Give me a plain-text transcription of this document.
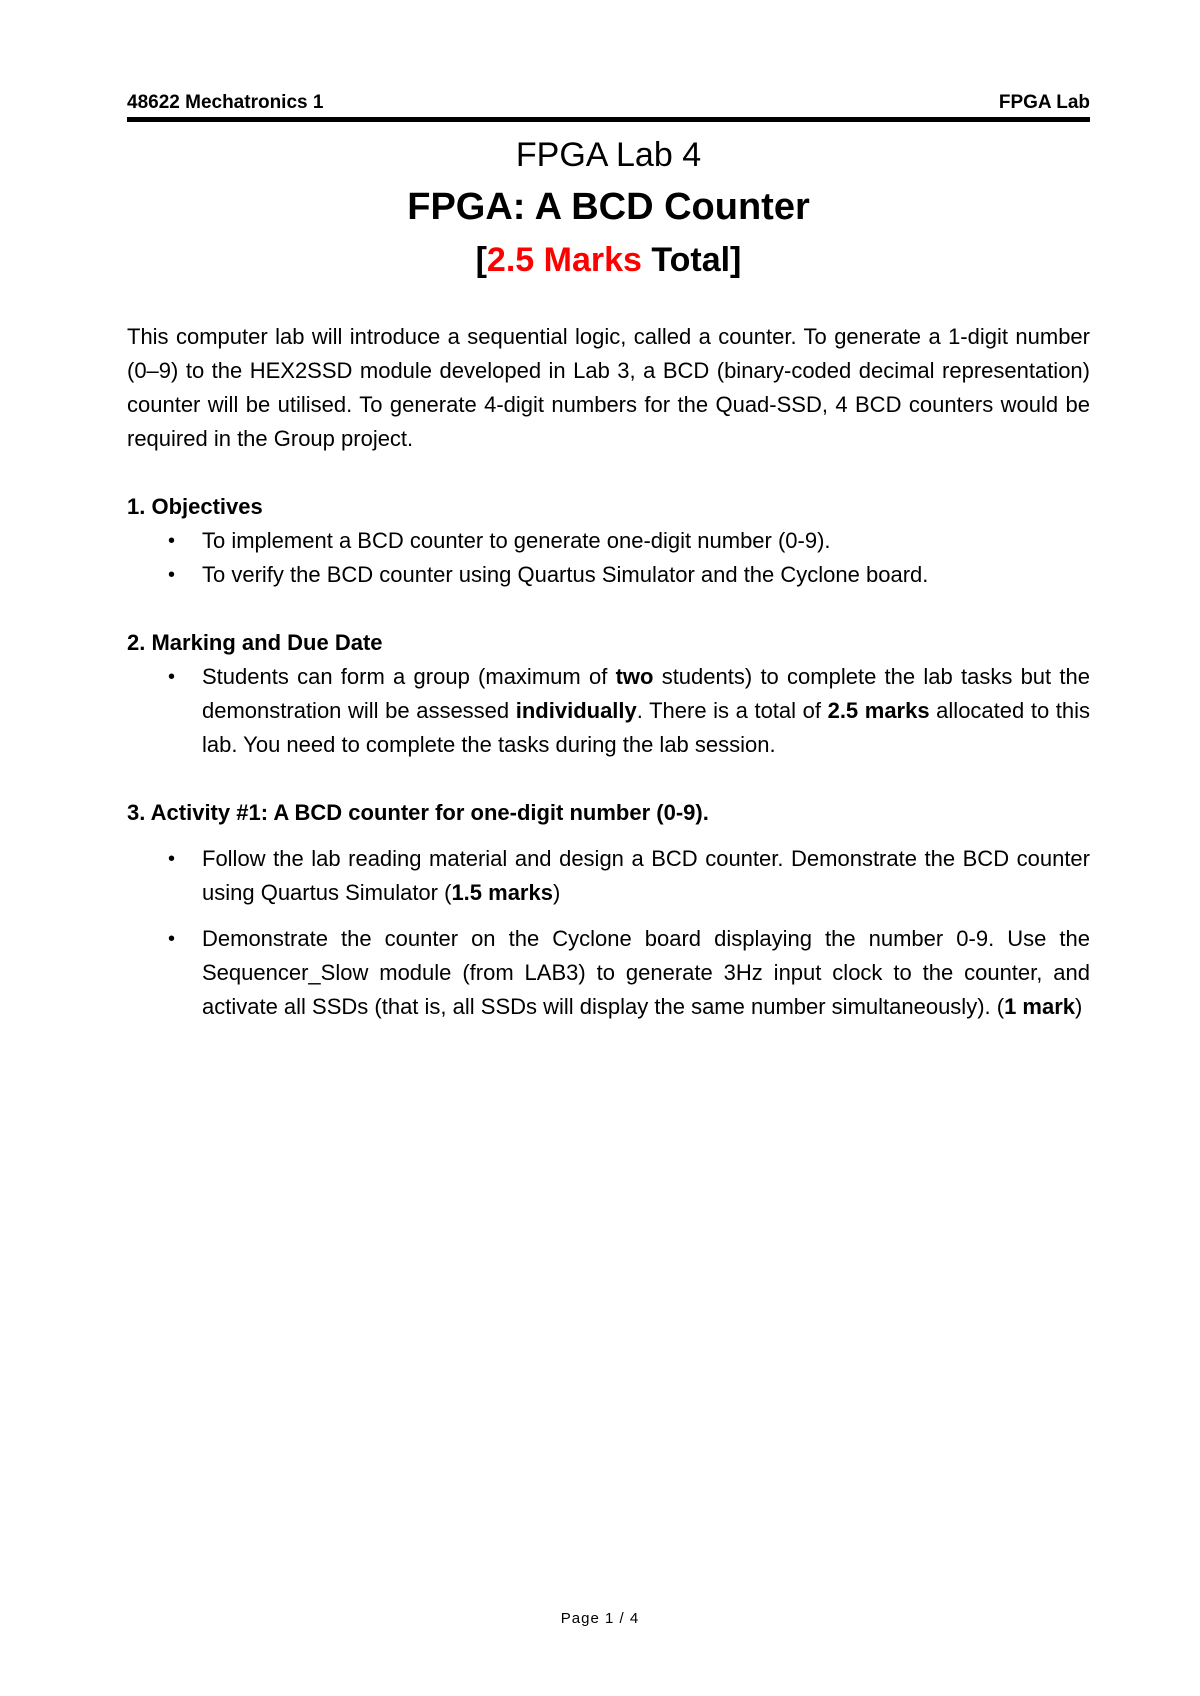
48622 Mechatronics 1	FPGA Lab

FPGA Lab 4

FPGA: A BCD Counter

[2.5 Marks Total]

This computer lab will introduce a sequential logic, called a counter. To generate a 1-digit number (0–9) to the HEX2SSD module developed in Lab 3, a BCD (binary-coded decimal representation) counter will be utilised. To generate 4-digit numbers for the Quad-SSD, 4 BCD counters would be required in the Group project.

1. Objectives

• To implement a BCD counter to generate one-digit number (0-9).
• To verify the BCD counter using Quartus Simulator and the Cyclone board.

2. Marking and Due Date

• Students can form a group (maximum of two students) to complete the lab tasks but the demonstration will be assessed individually. There is a total of 2.5 marks allocated to this lab. You need to complete the tasks during the lab session.

3. Activity #1: A BCD counter for one-digit number (0-9).

• Follow the lab reading material and design a BCD counter. Demonstrate the BCD counter using Quartus Simulator (1.5 marks)
• Demonstrate the counter on the Cyclone board displaying the number 0-9. Use the Sequencer_Slow module (from LAB3) to generate 3Hz input clock to the counter, and activate all SSDs (that is, all SSDs will display the same number simultaneously). (1 mark)
Page 1 / 4
